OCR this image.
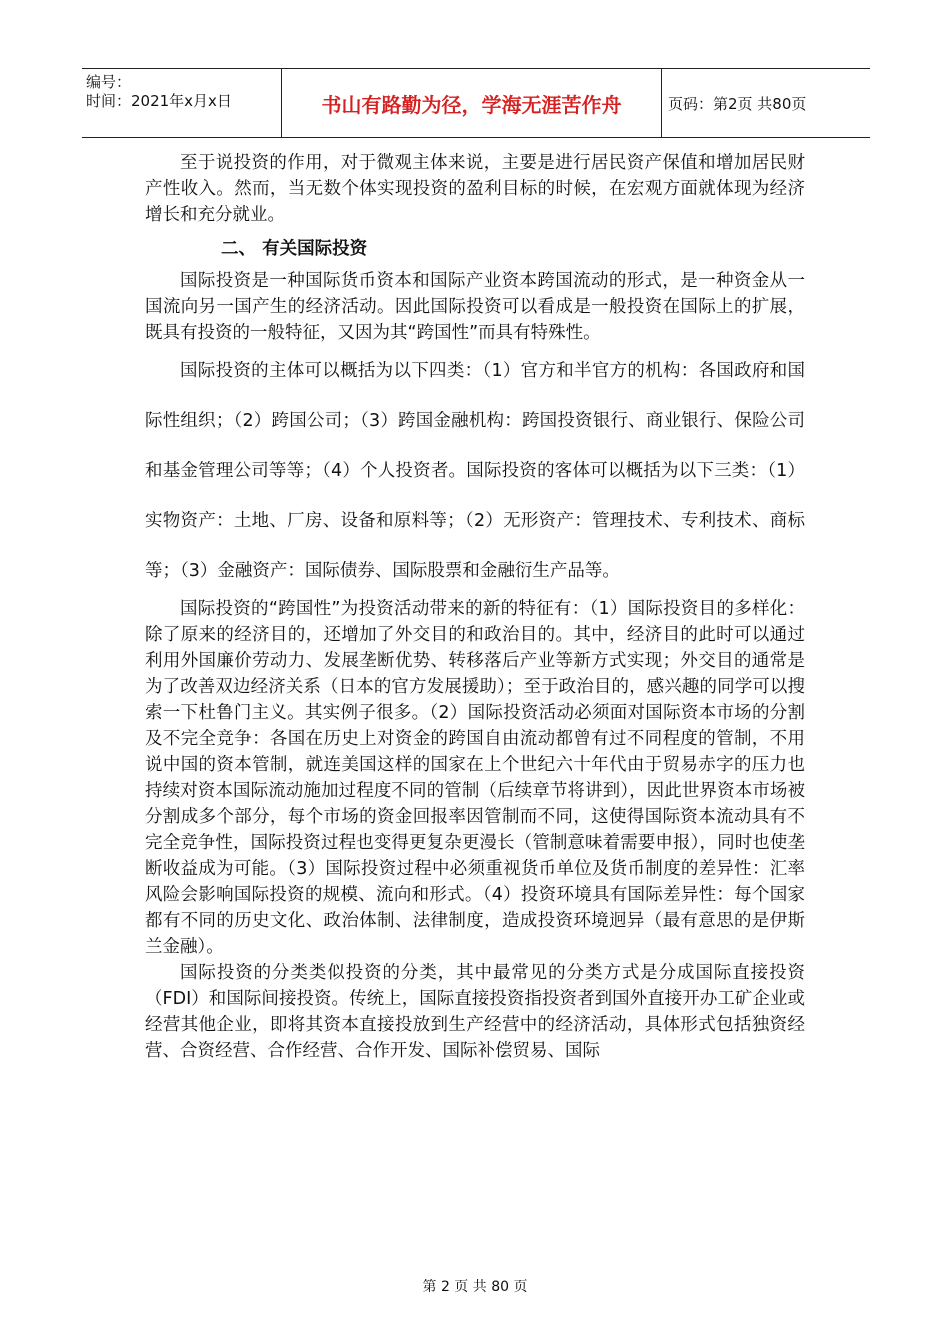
编号：
时间：2021年x月x日	书山有路勤为径，学海无涯苦作舟	页码：第2页 共80页

至于说投资的作用，对于微观主体来说，主要是进行居民资产保值和增加居民财产性收入。然而，当无数个体实现投资的盈利目标的时候，在宏观方面就体现为经济增长和充分就业。

二、 有关国际投资

国际投资是一种国际货币资本和国际产业资本跨国流动的形式，是一种资金从一国流向另一国产生的经济活动。因此国际投资可以看成是一般投资在国际上的扩展，既具有投资的一般特征，又因为其“跨国性”而具有特殊性。

国际投资的主体可以概括为以下四类：（1）官方和半官方的机构：各国政府和国际性组织；（2）跨国公司；（3）跨国金融机构：跨国投资银行、商业银行、保险公司和基金管理公司等等；（4）个人投资者。国际投资的客体可以概括为以下三类：（1）实物资产：土地、厂房、设备和原料等；（2）无形资产：管理技术、专利技术、商标等；（3）金融资产：国际债券、国际股票和金融衍生产品等。

国际投资的“跨国性”为投资活动带来的新的特征有：（1）国际投资目的多样化：除了原来的经济目的，还增加了外交目的和政治目的。其中，经济目的此时可以通过利用外国廉价劳动力、发展垄断优势、转移落后产业等新方式实现；外交目的通常是为了改善双边经济关系（日本的官方发展援助）；至于政治目的，感兴趣的同学可以搜索一下杜鲁门主义。其实例子很多。（2）国际投资活动必须面对国际资本市场的分割及不完全竞争：各国在历史上对资金的跨国自由流动都曾有过不同程度的管制，不用说中国的资本管制，就连美国这样的国家在上个世纪六十年代由于贸易赤字的压力也持续对资本国际流动施加过程度不同的管制（后续章节将讲到），因此世界资本市场被分割成多个部分，每个市场的资金回报率因管制而不同，这使得国际资本流动具有不完全竞争性，国际投资过程也变得更复杂更漫长（管制意味着需要申报），同时也使垄断收益成为可能。（3）国际投资过程中必须重视货币单位及货币制度的差异性：汇率风险会影响国际投资的规模、流向和形式。（4）投资环境具有国际差异性：每个国家都有不同的历史文化、政治体制、法律制度，造成投资环境迥异（最有意思的是伊斯兰金融）。

国际投资的分类类似投资的分类，其中最常见的分类方式是分成国际直接投资（FDI）和国际间接投资。传统上，国际直接投资指投资者到国外直接开办工矿企业或经营其他企业，即将其资本直接投放到生产经营中的经济活动，具体形式包括独资经营、合资经营、合作经营、合作开发、国际补偿贸易、国际

第 2 页 共 80 页
